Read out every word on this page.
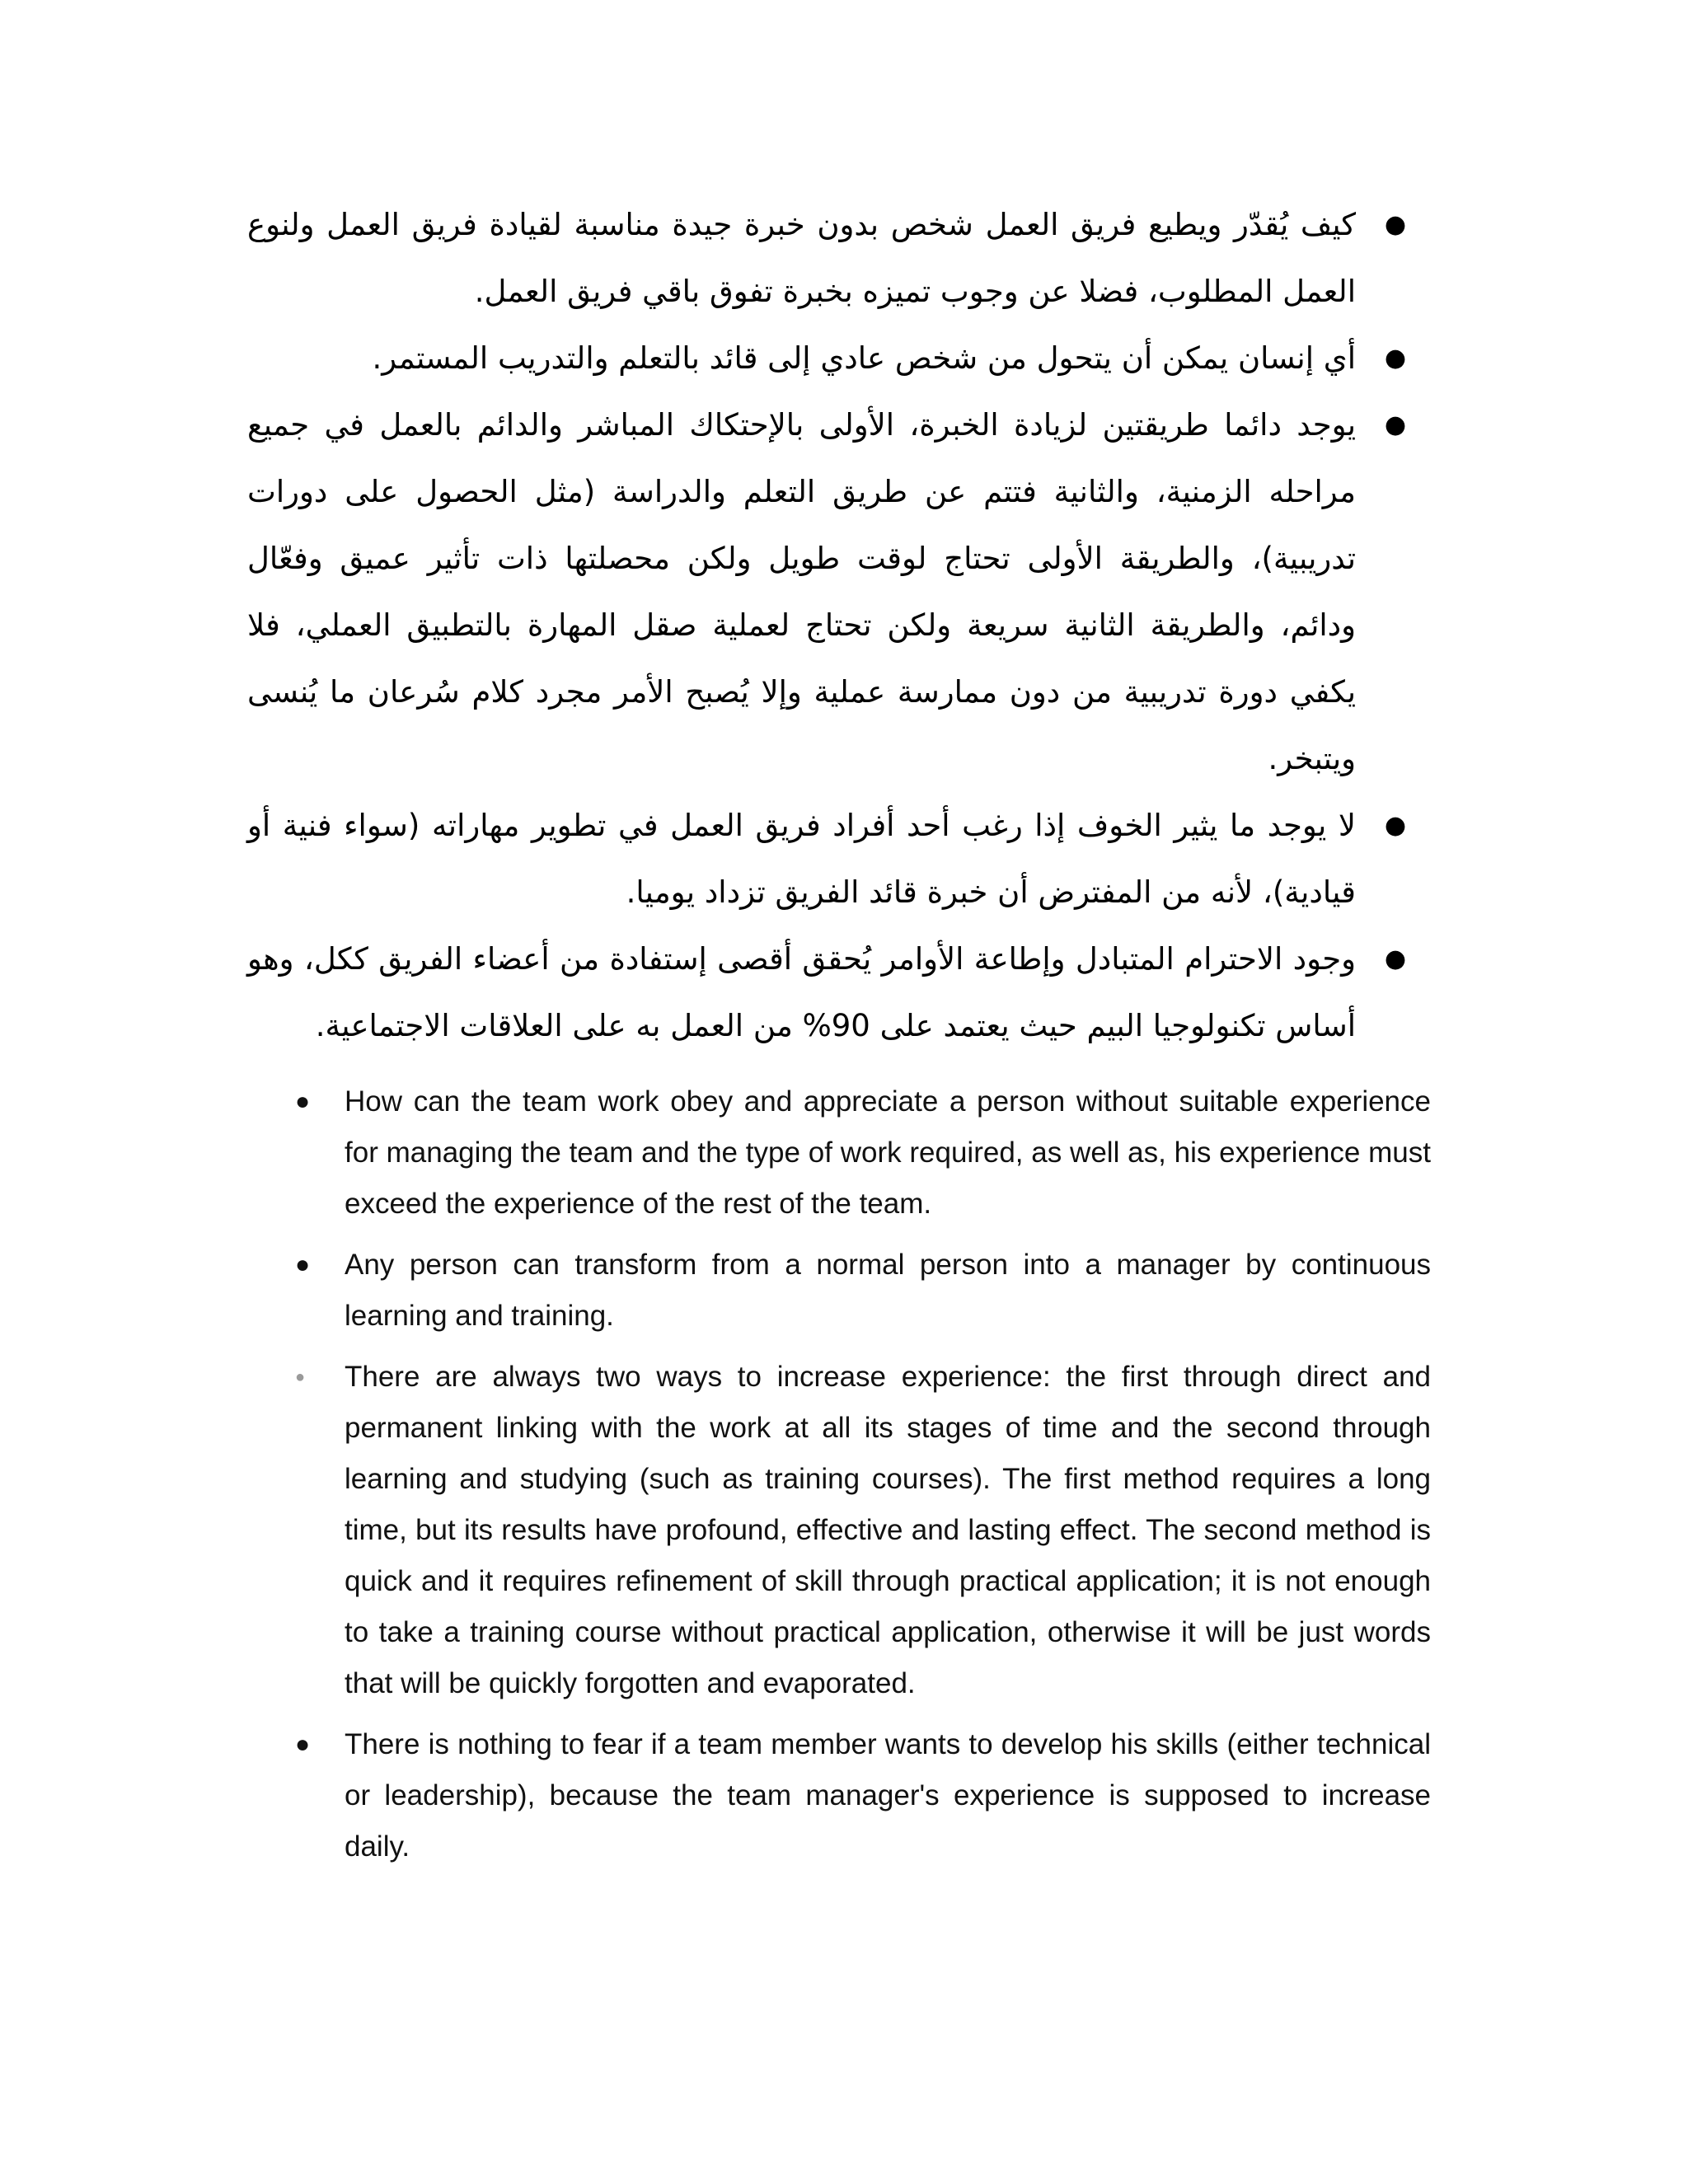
●
كيف يُقدّر ويطيع فريق العمل شخص بدون خبرة جيدة مناسبة لقيادة فريق العمل ولنوع العمل المطلوب، فضلا عن وجوب تميزه بخبرة تفوق باقي فريق العمل.
●
أي إنسان يمكن أن يتحول من شخص عادي إلى قائد بالتعلم والتدريب المستمر.
●
يوجد دائما طريقتين لزيادة الخبرة، الأولى بالإحتكاك المباشر والدائم بالعمل في جميع مراحله الزمنية، والثانية فتتم عن طريق التعلم والدراسة (مثل الحصول على دورات تدريبية)، والطريقة الأولى تحتاج لوقت طويل ولكن محصلتها ذات تأثير عميق وفعّال ودائم، والطريقة الثانية سريعة ولكن تحتاج لعملية صقل المهارة بالتطبيق العملي، فلا يكفي دورة تدريبية من دون ممارسة عملية وإلا يُصبح الأمر مجرد كلام سُرعان ما يُنسى ويتبخر.
●
لا يوجد ما يثير الخوف إذا رغب أحد أفراد فريق العمل في تطوير مهاراته (سواء فنية أو قيادية)، لأنه من المفترض أن خبرة قائد الفريق تزداد يوميا.
●
وجود الاحترام المتبادل وإطاعة الأوامر يُحقق أقصى إستفادة من أعضاء الفريق ككل، وهو أساس تكنولوجيا البيم حيث يعتمد على 90% من العمل به على العلاقات الاجتماعية.
● How can the team work obey and appreciate a person without suitable experience for managing the team and the type of work required, as well as, his experience must exceed the experience of the rest of the team.
● Any person can transform from a normal person into a manager by continuous learning and training.
● There are always two ways to increase experience: the first through direct and permanent linking with the work at all its stages of time and the second through learning and studying (such as training courses). The first method requires a long time, but its results have profound, effective and lasting effect. The second method is quick and it requires refinement of skill through practical application; it is not enough to take a training course without practical application, otherwise it will be just words that will be quickly forgotten and evaporated.
● There is nothing to fear if a team member wants to develop his skills (either technical or leadership), because the team manager's experience is supposed to increase daily.
